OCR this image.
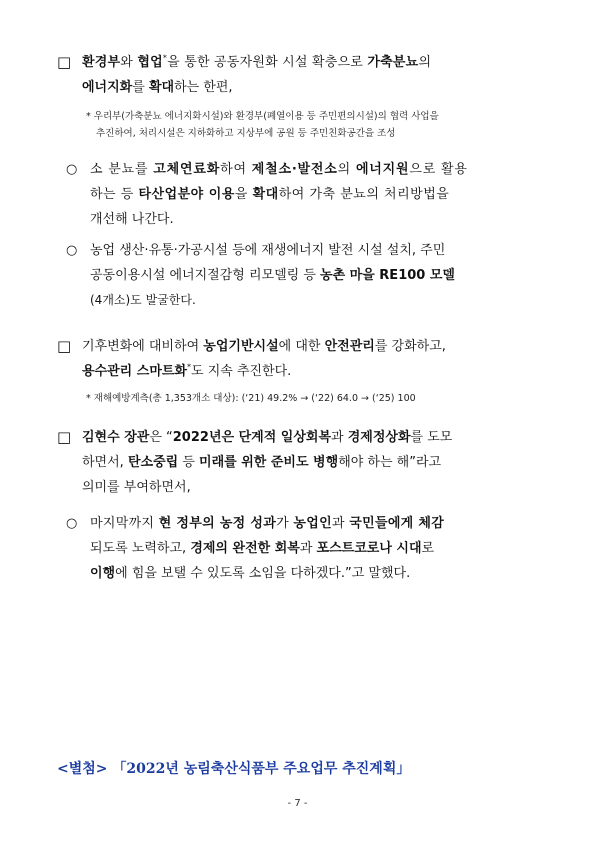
□ 환경부와 협업*을 통한 공동자원화 시설 확충으로 가축분뇨의
에너지화를 확대하는 한편,
* 우리부(가축분뇨 에너지화시설)와 환경부(폐열이용 등 주민편의시설)의 협력 사업을
추진하여, 처리시설은 지하화하고 지상부에 공원 등 주민친화공간을 조성
○ 소 분뇨를 고체연료화하여 제철소·발전소의 에너지원으로 활용
하는 등 타산업분야 이용을 확대하여 가축 분뇨의 처리방법을
개선해 나간다.
○ 농업 생산·유통·가공시설 등에 재생에너지 발전 시설 설치, 주민
공동이용시설 에너지절감형 리모델링 등 농촌 마을 RE100 모델
(4개소)도 발굴한다.
□ 기후변화에 대비하여 농업기반시설에 대한 안전관리를 강화하고,
용수관리 스마트화*도 지속 추진한다.
* 재해예방계측(총 1,353개소 대상): (‘21) 49.2% → (‘22) 64.0 → (‘25) 100
□ 김현수 장관은 “2022년은 단계적 일상회복과 경제정상화를 도모
하면서, 탄소중립 등 미래를 위한 준비도 병행해야 하는 해”라고
의미를 부여하면서,
○ 마지막까지 현 정부의 농정 성과가 농업인과 국민들에게 체감
되도록 노력하고, 경제의 완전한 회복과 포스트코로나 시대로
이행에 힘을 보탤 수 있도록 소임을 다하겠다.”고 말했다.
<별첨> 「2022년 농림축산식품부 주요업무 추진계획」
- 7 -
